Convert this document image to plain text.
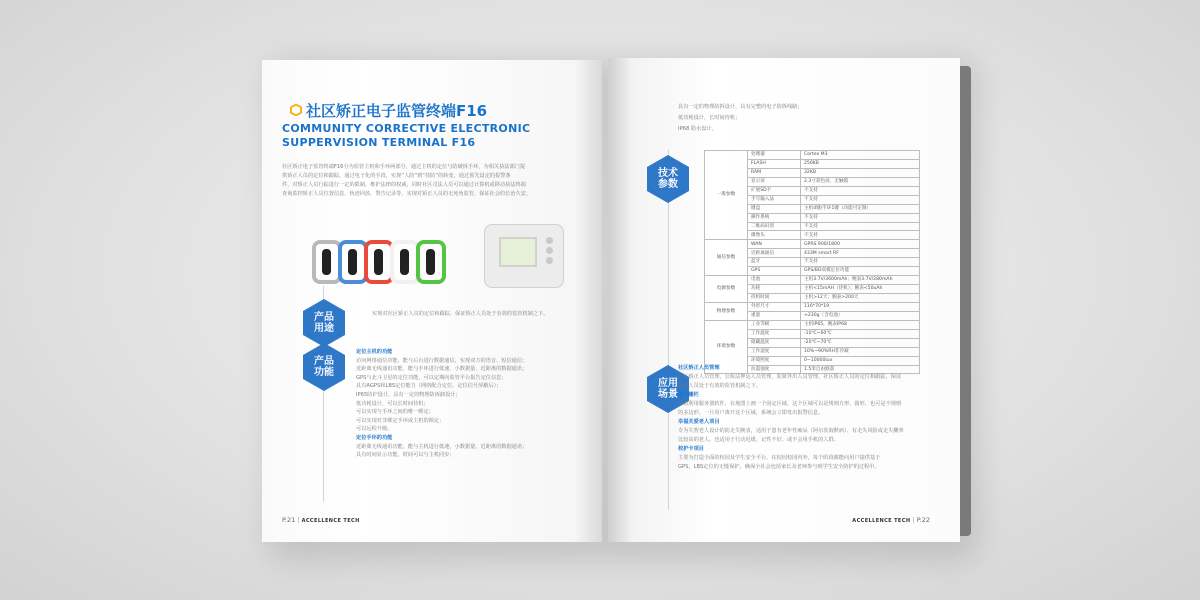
社区矫正电子监管终端F16
COMMUNITY CORRECTIVE ELECTRONIC
SUPPERVISION TERMINAL F16
社区矫正电子监管终端F16分为监管主机和手环两部分，通过主机的定位与防破拆手环，为相关执法部门提
供矫正人员的定位和跟踪，通过电子化的手段，实现“人防”到“技防”的转变，通过预先设定的报警条
件，对矫正人员行踪进行一定的限制，维护法律的权威，同时社区司法人员可以通过计算机或移动执法终端
查询监控矫正人员位置信息、轨迹回放、警告记录等，实现对矫正人员的无死角监管，保证社会的长治久安。
产品
用途
实现对社区矫正人员的定位和跟踪，保证矫正人员处于有效的监管机制之下。
产品
功能
定位主机的功能
访问网络通信功能，能与后台进行数据通信，实现双方的语音、短信通信；
近距离无线通讯功能，能与手环进行低速、小数据量、近距离的数据通讯；
GPS与北斗卫星的定位功能，可以定期向监管平台报告定位信息；
具有AGPS和LBS定位能力（网络配合定位，定位信号屏蔽后）；
IP65防护设计，具有一定的物理防拆卸设计；
低功耗设计，可以长时间待机；
可以实现与手环之间的唯一绑定；
可以实现对非绑定手环或主机的锁定；
可以远程升级。
定位手环的功能
近距离无线通讯功能，能与主机进行低速，小数据量，近距离的数据通讯；
具有时间显示功能，时间可以与主机同步；
P.21 | ACCELLENCE TECH
具有一定的物理防拆设计，具有完整的电子防拆线路；
低功耗设计，长时间待机；
IP68 防水设计。
技术
参数
一般参数	处理器	Cortex M3
	FLASH	256KB
	RAM	32KB
	显示屏	2.3寸彩色屏，无触摸
	扩展SD卡	不支持
	手写输入法	不支持
	键盘	主机4键/手环1键（功能可定制）
	操作系统	不支持
	二维码识别	不支持
	摄像头	不支持
通信参数	WAN	GPRS 900/1800
	近距离通信	433M smart RF
	蓝牙	不支持
	GPS	GPS/BD双模定位功能
电源参数	电池	主机3.7V/3600mAh；腕表3.7V/280mAh
	功耗	主机<15mAH（待机）；腕表<50uAh
	持机时间	主机>12天；腕表>200天
物理参数	外形尺寸	116*70*19
	重量	≈230g（含电池）
环境参数	工业等级	主机IP65，腕表IP68
	工作温度	-10℃~60℃
	储藏温度	-20℃~70℃
	工作湿度	10%~90%RH非冷凝
	环境照度	0~10000lux
	抗震强度	1.5米自由跌落
应用
场景
社区矫正人员管理
社区矫正人员管理，公检法押运人员管理，监狱外出人员管理，社区矫正人员的定位和跟踪，保证
矫正人员处于有效的监管机制之下。
电子栅栏
可以利用服务器软件，在地图上画一个固定区域，这个区域可以是规则方形、圆形，也可是不规则
的多边形，一旦用户离开这个区域，系统会立即发出报警信息。
幸福关爱老人项目
专为失智老人设计的防走失腕表，适用于患有老年性痴呆（阿尔茨海默病）、有走失风险或走失概率
比较高的老人，也适用于行动迟缓、记性不好、或不会用手机的人群。
校护卡项目
主要为打造全面的校园及学生安全平台，在校园校园内外，每个阶段都能向用户提供基于
GPS、LBS定位的无缝保护，确保全社会包括家长及老师参与到学生安全防护的过程中。
ACCELLENCE TECH | P.22
